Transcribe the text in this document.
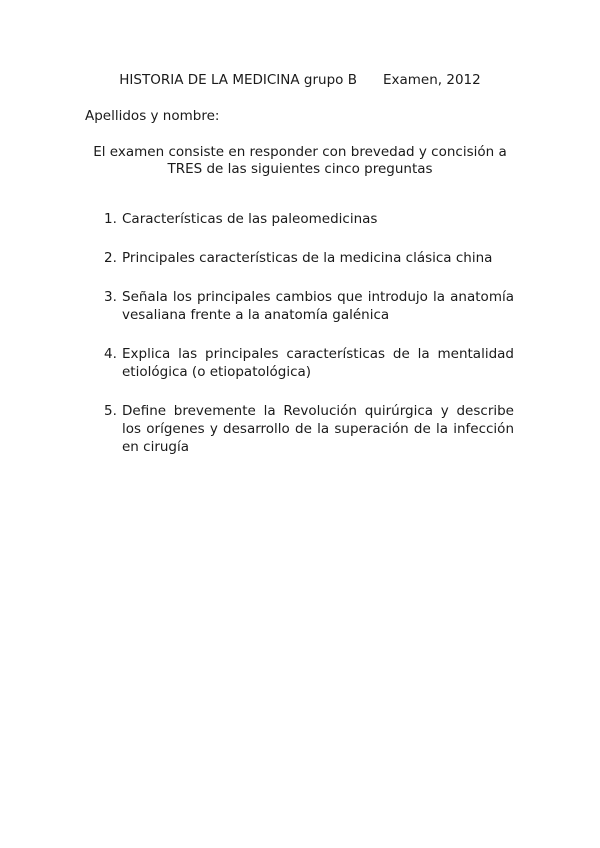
HISTORIA DE LA MEDICINA grupo B Examen, 2012
Apellidos y nombre:
El examen consiste en responder con brevedad y concisión a
TRES de las siguientes cinco preguntas
1. Características de las paleomedicinas
2. Principales características de la medicina clásica china
3. Señala los principales cambios que introdujo la anatomía vesaliana frente a la anatomía galénica
4. Explica las principales características de la mentalidad etiológica (o etiopatológica)
5. Define brevemente la Revolución quirúrgica y describe los orígenes y desarrollo de la superación de la infección en cirugía
